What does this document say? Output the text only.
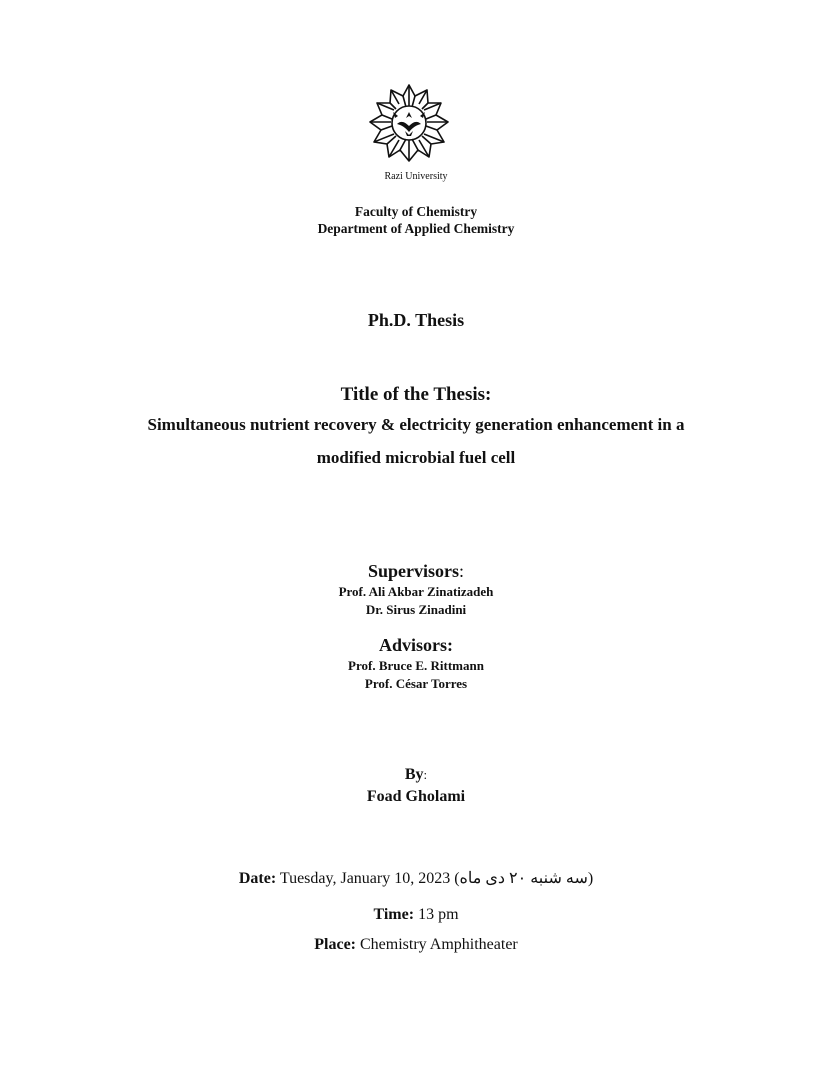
Razi University
Faculty of Chemistry
Department of Applied Chemistry
Ph.D. Thesis
Title of the Thesis:
Simultaneous nutrient recovery & electricity generation enhancement in a
modified microbial fuel cell
Supervisors:
Prof. Ali Akbar Zinatizadeh
Dr. Sirus Zinadini
Advisors:
Prof. Bruce E. Rittmann
Prof. César Torres
By:
Foad Gholami
Date: Tuesday, January 10, 2023 (سه شنبه ۲۰ دی ماه)
Time: 13 pm
Place: Chemistry Amphitheater
